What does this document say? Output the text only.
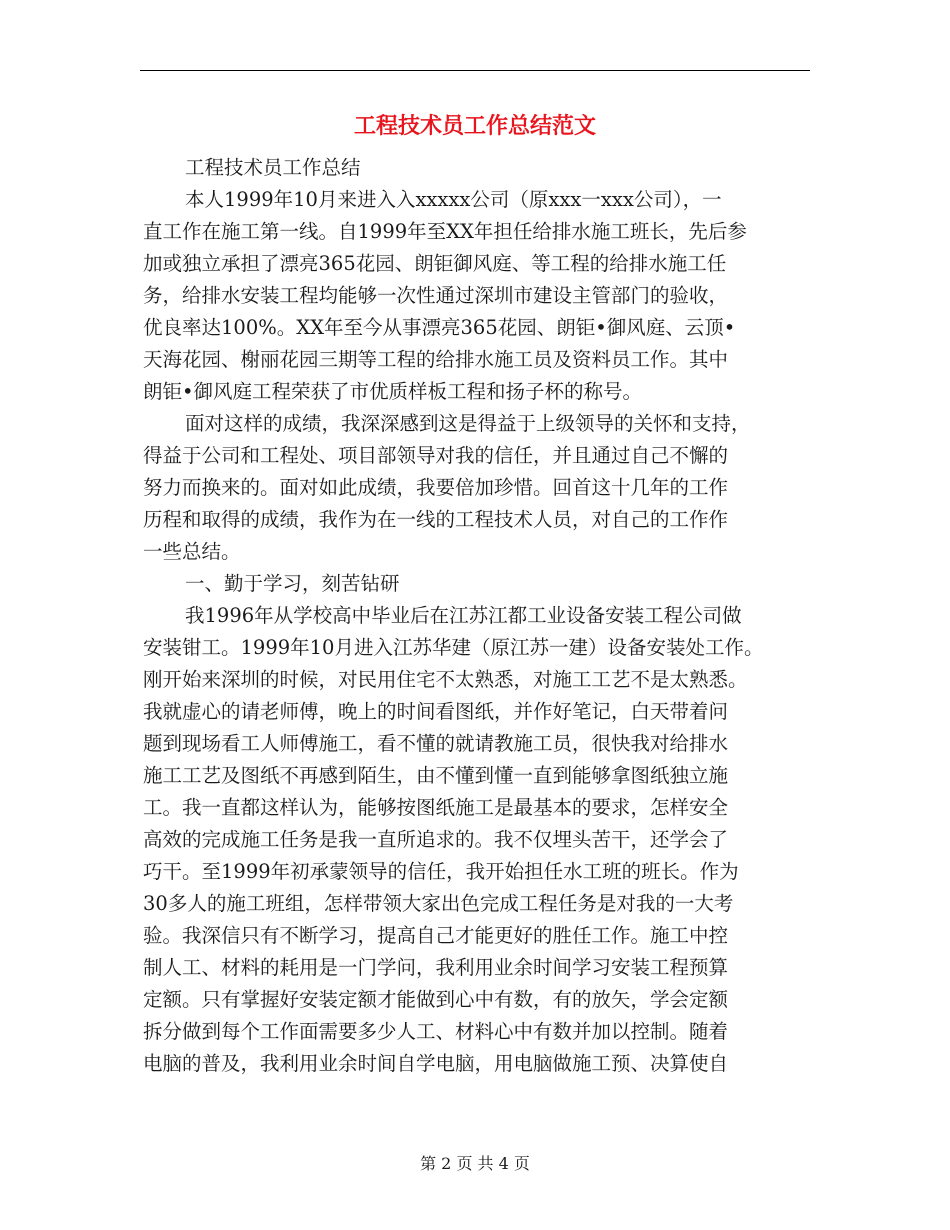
工程技术员工作总结范文
工程技术员工作总结
本人1999年10月来进入入xxxxx公司（原xxx一xxx公司），一
直工作在施工第一线。自1999年至XX年担任给排水施工班长，先后参
加或独立承担了漂亮365花园、朗钜御风庭、等工程的给排水施工任
务，给排水安装工程均能够一次性通过深圳市建设主管部门的验收，
优良率达100%。XX年至今从事漂亮365花园、朗钜•御风庭、云顶•
天海花园、榭丽花园三期等工程的给排水施工员及资料员工作。其中
朗钜•御风庭工程荣获了市优质样板工程和扬子杯的称号。
面对这样的成绩，我深深感到这是得益于上级领导的关怀和支持，
得益于公司和工程处、项目部领导对我的信任，并且通过自己不懈的
努力而换来的。面对如此成绩，我要倍加珍惜。回首这十几年的工作
历程和取得的成绩，我作为在一线的工程技术人员，对自己的工作作
一些总结。
一、勤于学习，刻苦钻研
我1996年从学校高中毕业后在江苏江都工业设备安装工程公司做
安装钳工。1999年10月进入江苏华建（原江苏一建）设备安装处工作。
刚开始来深圳的时候，对民用住宅不太熟悉，对施工工艺不是太熟悉。
我就虚心的请老师傅，晚上的时间看图纸，并作好笔记，白天带着问
题到现场看工人师傅施工，看不懂的就请教施工员，很快我对给排水
施工工艺及图纸不再感到陌生，由不懂到懂一直到能够拿图纸独立施
工。我一直都这样认为，能够按图纸施工是最基本的要求，怎样安全
高效的完成施工任务是我一直所追求的。我不仅埋头苦干，还学会了
巧干。至1999年初承蒙领导的信任，我开始担任水工班的班长。作为
30多人的施工班组，怎样带领大家出色完成工程任务是对我的一大考
验。我深信只有不断学习，提高自己才能更好的胜任工作。施工中控
制人工、材料的耗用是一门学问，我利用业余时间学习安装工程预算
定额。只有掌握好安装定额才能做到心中有数，有的放矢，学会定额
拆分做到每个工作面需要多少人工、材料心中有数并加以控制。随着
电脑的普及，我利用业余时间自学电脑，用电脑做施工预、决算使自
第 2 页 共 4 页
